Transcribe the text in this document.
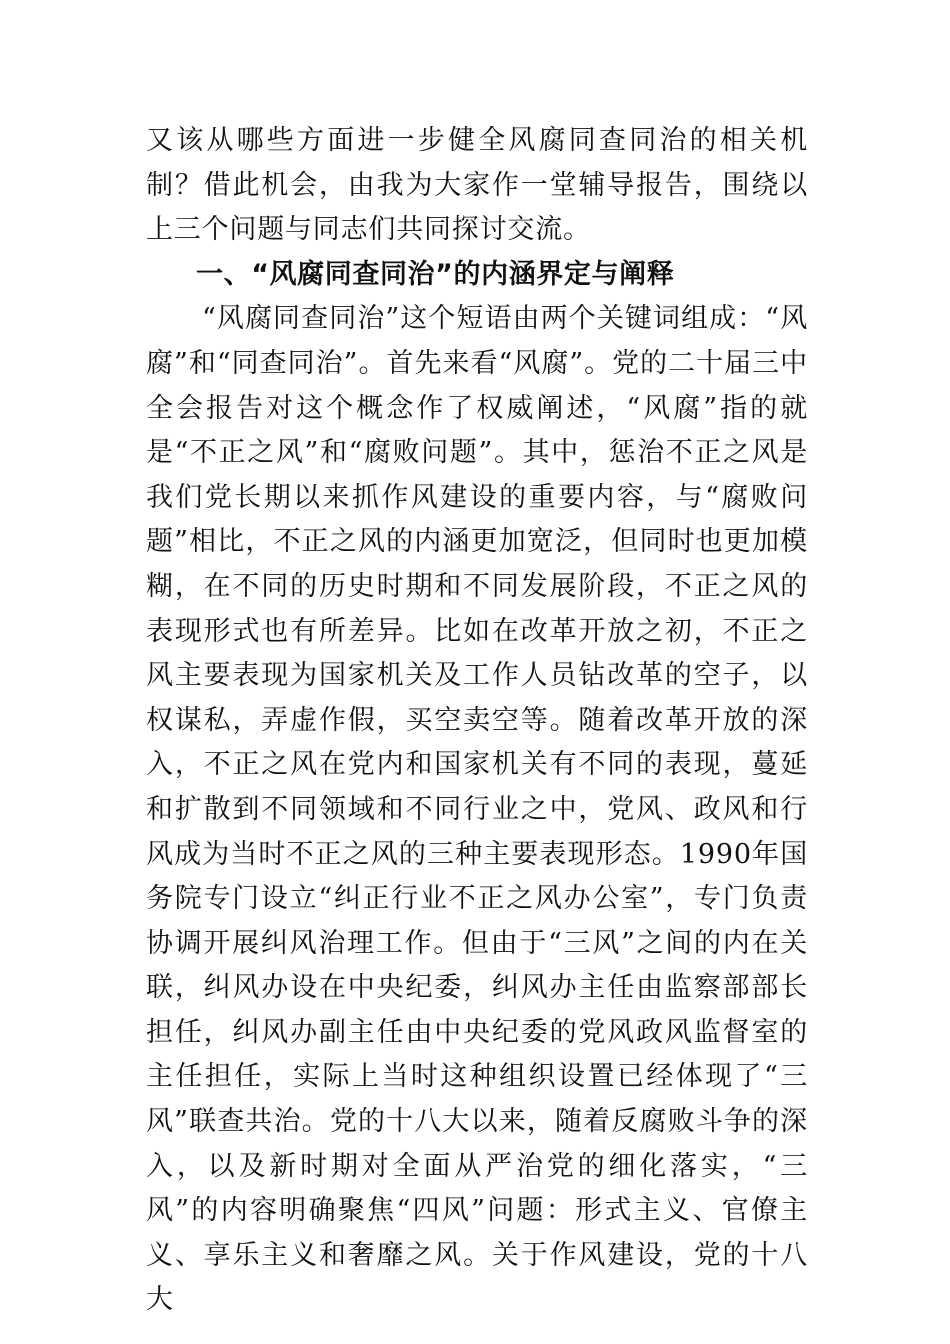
又该从哪些方面进一步健全风腐同查同治的相关机制？借此机会，由我为大家作一堂辅导报告，围绕以上三个问题与同志们共同探讨交流。

一、“风腐同查同治”的内涵界定与阐释

“风腐同查同治”这个短语由两个关键词组成：“风腐”和“同查同治”。首先来看“风腐”。党的二十届三中全会报告对这个概念作了权威阐述，“风腐”指的就是“不正之风”和“腐败问题”。其中，惩治不正之风是我们党长期以来抓作风建设的重要内容，与“腐败问题”相比，不正之风的内涵更加宽泛，但同时也更加模糊，在不同的历史时期和不同发展阶段，不正之风的表现形式也有所差异。比如在改革开放之初，不正之风主要表现为国家机关及工作人员钻改革的空子，以权谋私，弄虚作假，买空卖空等。随着改革开放的深入，不正之风在党内和国家机关有不同的表现，蔓延和扩散到不同领域和不同行业之中，党风、政风和行风成为当时不正之风的三种主要表现形态。1990年国务院专门设立“纠正行业不正之风办公室”，专门负责协调开展纠风治理工作。但由于“三风”之间的内在关联，纠风办设在中央纪委，纠风办主任由监察部部长担任，纠风办副主任由中央纪委的党风政风监督室的主任担任，实际上当时这种组织设置已经体现了“三风”联查共治。党的十八大以来，随着反腐败斗争的深入，以及新时期对全面从严治党的细化落实，“三风”的内容明确聚焦“四风”问题：形式主义、官僚主义、享乐主义和奢靡之风。关于作风建设，党的十八大
